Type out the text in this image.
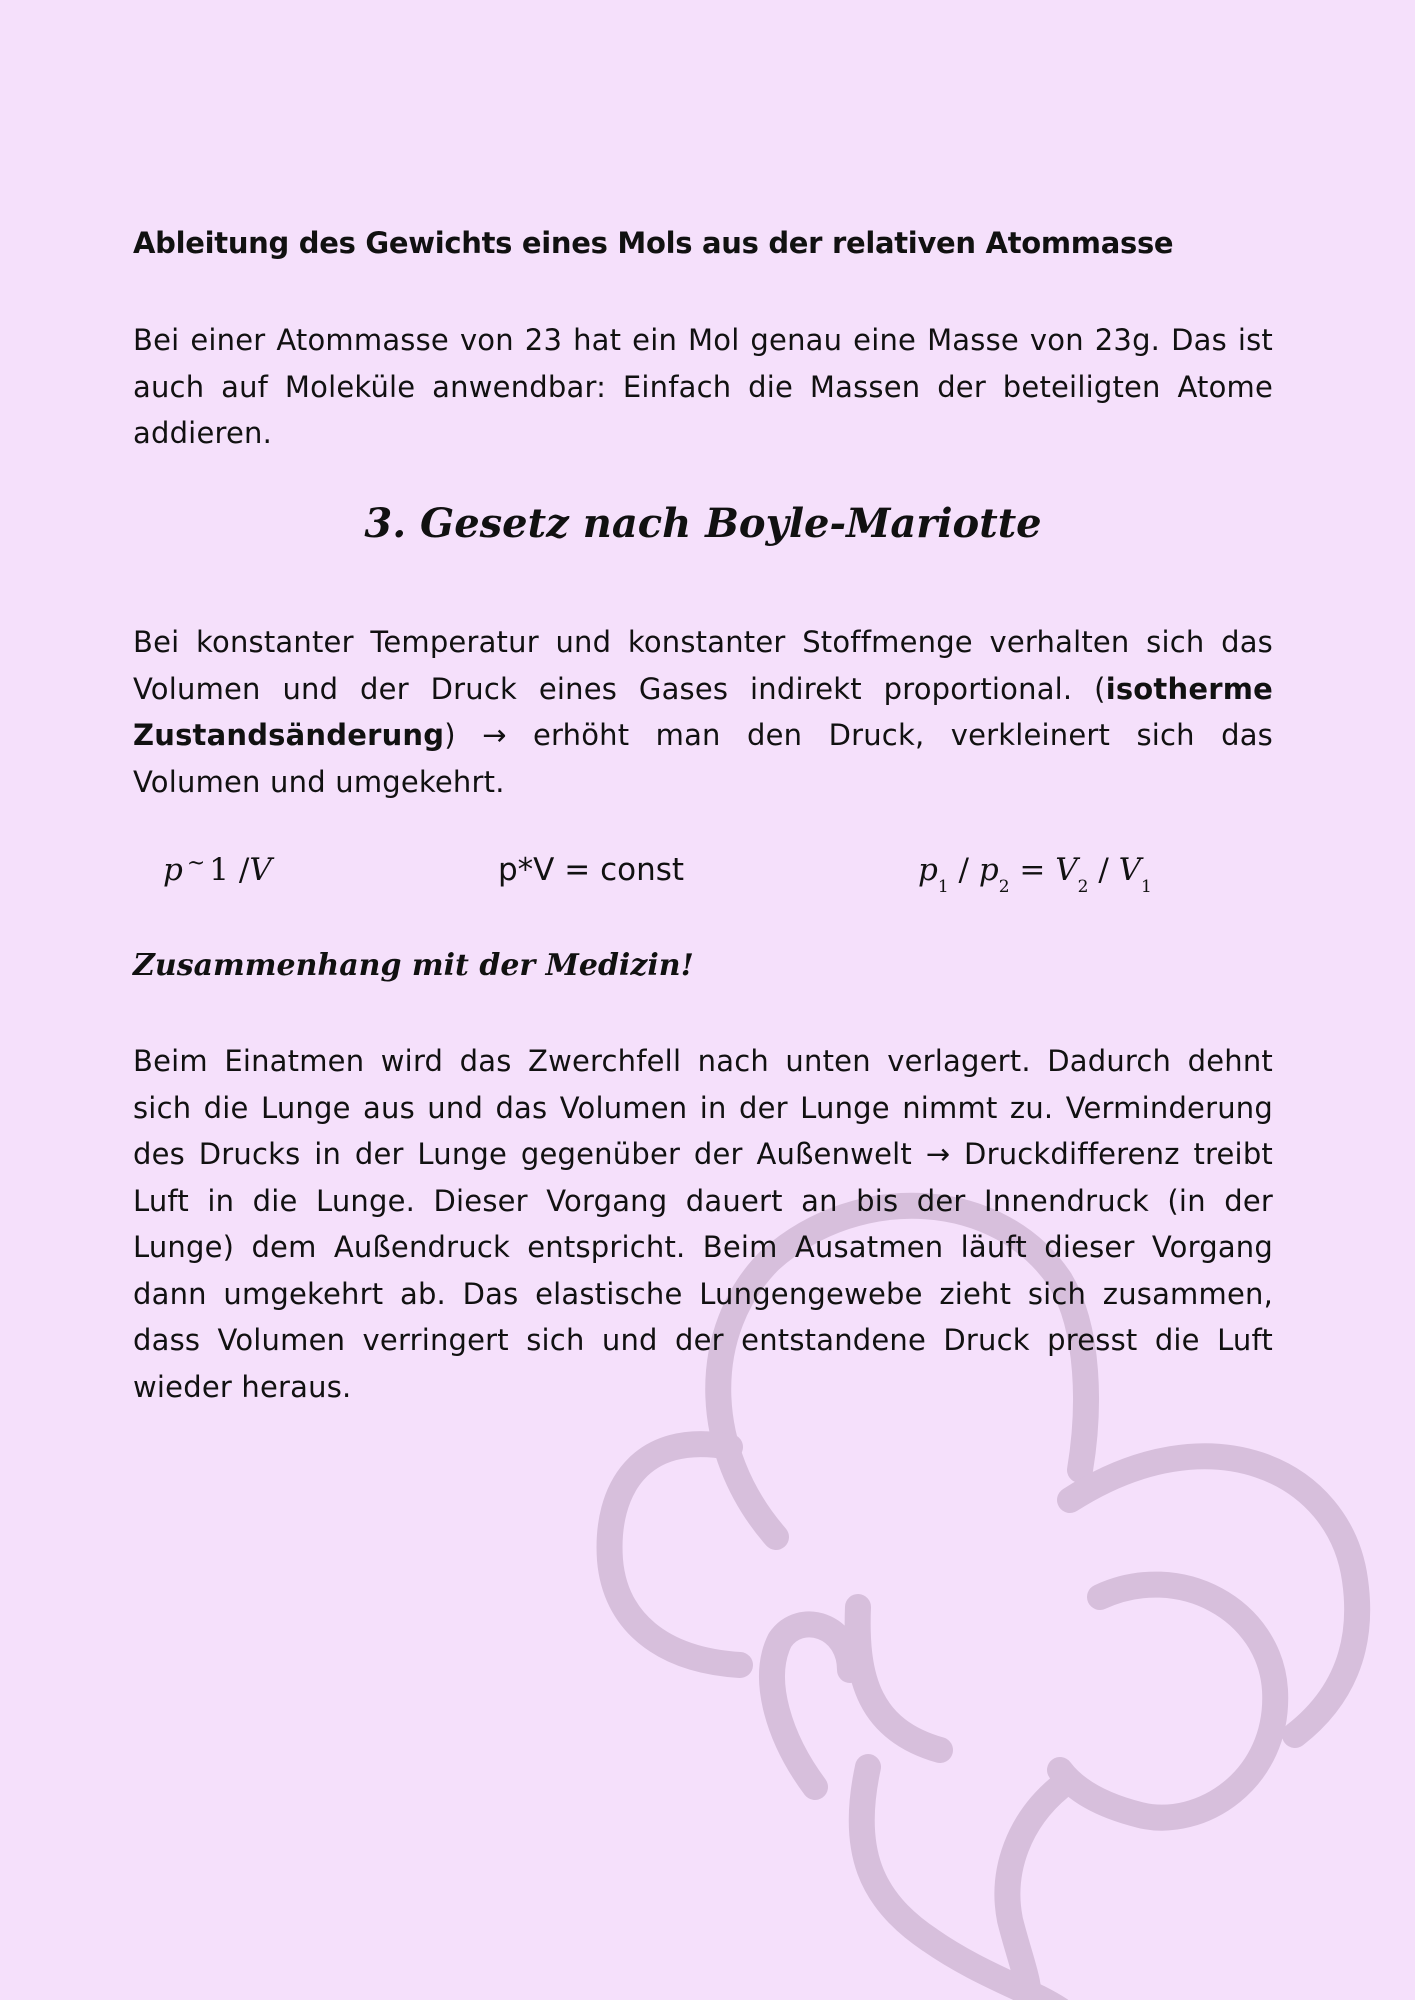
Ableitung des Gewichts eines Mols aus der relativen Atommasse

Bei einer Atommasse von 23 hat ein Mol genau eine Masse von 23g. Das ist auch auf Moleküle anwendbar: Einfach die Massen der beteiligten Atome addieren.

3. Gesetz nach Boyle-Mariotte

Bei konstanter Temperatur und konstanter Stoffmenge verhalten sich das Volumen und der Druck eines Gases indirekt proportional. (isotherme Zustandsänderung) → erhöht man den Druck, verkleinert sich das Volumen und umgekehrt.

p ~ 1 /V	p*V = const	$p_1 / p_2 = V_2 / V_1$
Zusammenhang mit der Medizin!

Beim Einatmen wird das Zwerchfell nach unten verlagert. Dadurch dehnt sich die Lunge aus und das Volumen in der Lunge nimmt zu. Verminderung des Drucks in der Lunge gegenüber der Außenwelt → Druckdifferenz treibt Luft in die Lunge. Dieser Vorgang dauert an bis der Innendruck (in der Lunge) dem Außendruck entspricht. Beim Ausatmen läuft dieser Vorgang dann umgekehrt ab. Das elastische Lungengewebe zieht sich zusammen, dass Volumen verringert sich und der entstandene Druck presst die Luft wieder heraus.
